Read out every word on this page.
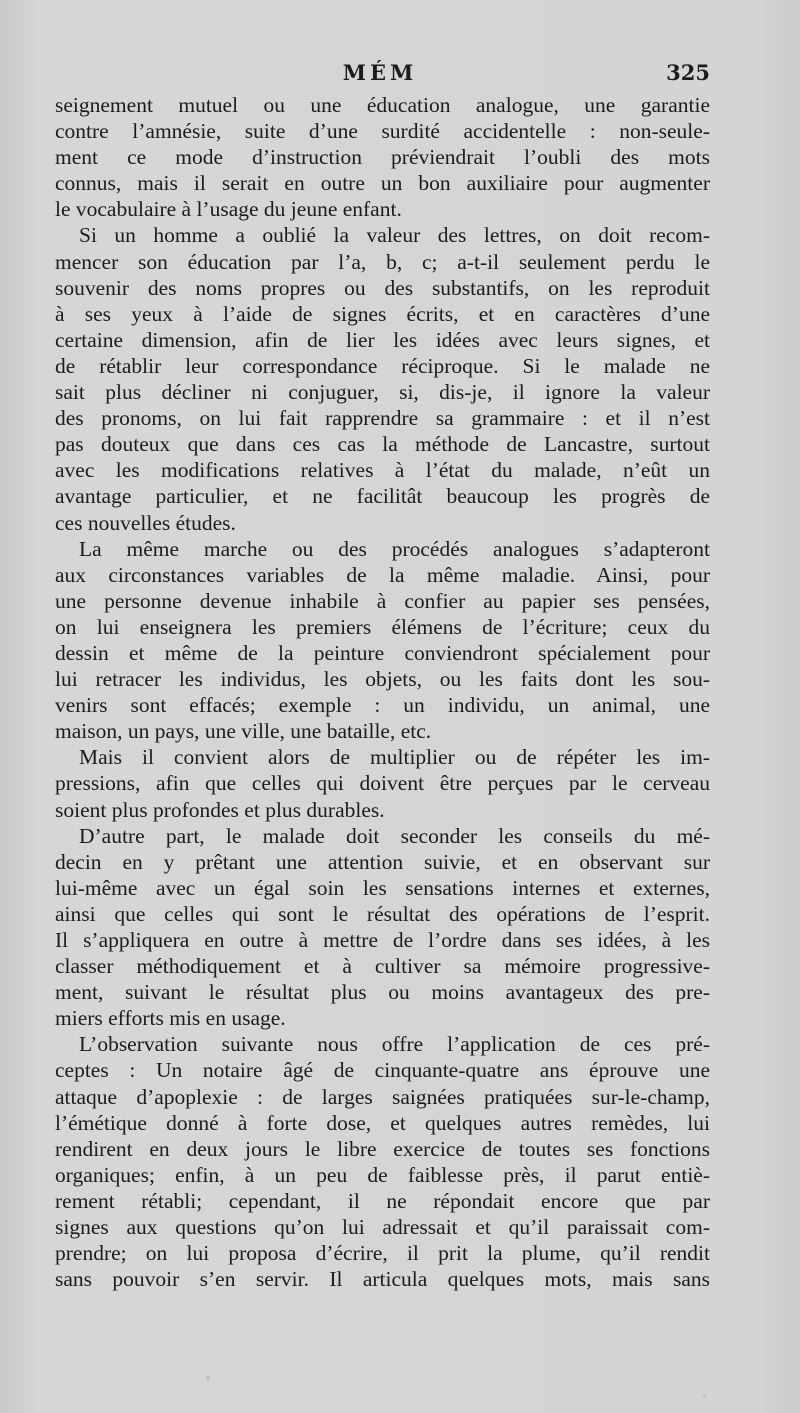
MÉM	325
seignement mutuel ou une éducation analogue, une garantie
contre l’amnésie, suite d’une surdité accidentelle : non-seule-
ment ce mode d’instruction préviendrait l’oubli des mots
connus, mais il serait en outre un bon auxiliaire pour augmenter
le vocabulaire à l’usage du jeune enfant.
Si un homme a oublié la valeur des lettres, on doit recom-
mencer son éducation par l’a, b, c; a-t-il seulement perdu le
souvenir des noms propres ou des substantifs, on les reproduit
à ses yeux à l’aide de signes écrits, et en caractères d’une
certaine dimension, afin de lier les idées avec leurs signes, et
de rétablir leur correspondance réciproque. Si le malade ne
sait plus décliner ni conjuguer, si, dis-je, il ignore la valeur
des pronoms, on lui fait rapprendre sa grammaire : et il n’est
pas douteux que dans ces cas la méthode de Lancastre, surtout
avec les modifications relatives à l’état du malade, n’eût un
avantage particulier, et ne facilitât beaucoup les progrès de
ces nouvelles études.
La même marche ou des procédés analogues s’adapteront
aux circonstances variables de la même maladie. Ainsi, pour
une personne devenue inhabile à confier au papier ses pensées,
on lui enseignera les premiers élémens de l’écriture; ceux du
dessin et même de la peinture conviendront spécialement pour
lui retracer les individus, les objets, ou les faits dont les sou-
venirs sont effacés; exemple : un individu, un animal, une
maison, un pays, une ville, une bataille, etc.
Mais il convient alors de multiplier ou de répéter les im-
pressions, afin que celles qui doivent être perçues par le cerveau
soient plus profondes et plus durables.
D’autre part, le malade doit seconder les conseils du mé-
decin en y prêtant une attention suivie, et en observant sur
lui-même avec un égal soin les sensations internes et externes,
ainsi que celles qui sont le résultat des opérations de l’esprit.
Il s’appliquera en outre à mettre de l’ordre dans ses idées, à les
classer méthodiquement et à cultiver sa mémoire progressive-
ment, suivant le résultat plus ou moins avantageux des pre-
miers efforts mis en usage.
L’observation suivante nous offre l’application de ces pré-
ceptes : Un notaire âgé de cinquante-quatre ans éprouve une
attaque d’apoplexie : de larges saignées pratiquées sur-le-champ,
l’émétique donné à forte dose, et quelques autres remèdes, lui
rendirent en deux jours le libre exercice de toutes ses fonctions
organiques; enfin, à un peu de faiblesse près, il parut entiè-
rement rétabli; cependant, il ne répondait encore que par
signes aux questions qu’on lui adressait et qu’il paraissait com-
prendre; on lui proposa d’écrire, il prit la plume, qu’il rendit
sans pouvoir s’en servir. Il articula quelques mots, mais sans
